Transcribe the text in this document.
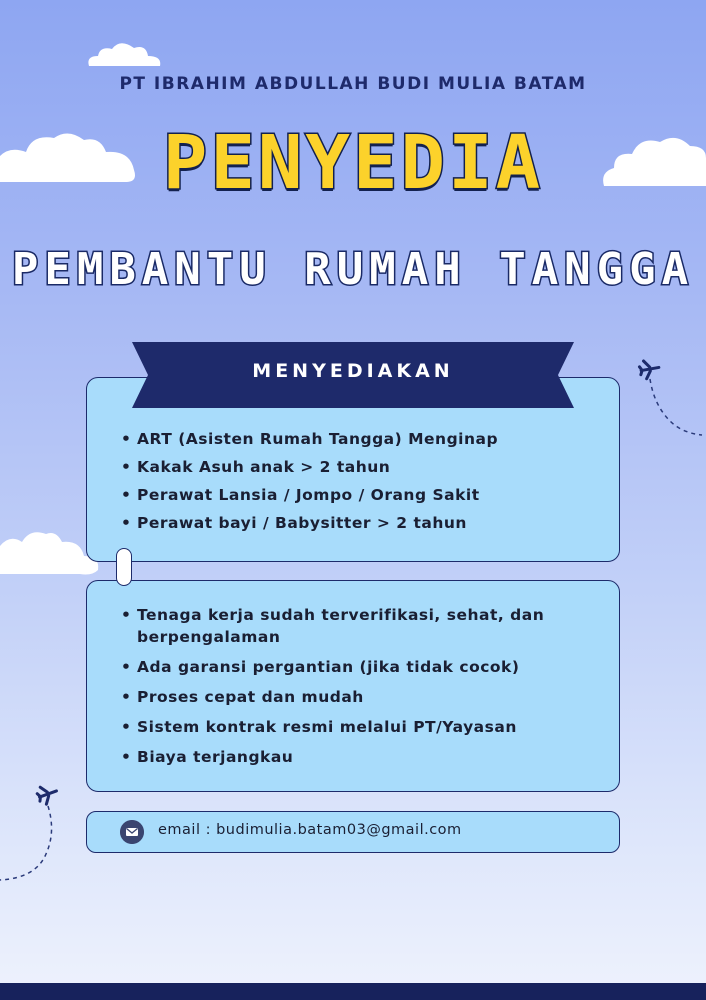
PT IBRAHIM ABDULLAH BUDI MULIA BATAM
PENYEDIA
PEMBANTU RUMAH TANGGA
MENYEDIAKAN
• ART (Asisten Rumah Tangga) Menginap
• Kakak Asuh anak > 2 tahun
• Perawat Lansia / Jompo / Orang Sakit
• Perawat bayi / Babysitter > 2 tahun
• Tenaga kerja sudah terverifikasi, sehat, dan berpengalaman
• Ada garansi pergantian (jika tidak cocok)
• Proses cepat dan mudah
• Sistem kontrak resmi melalui PT/Yayasan
• Biaya terjangkau
email : budimulia.batam03@gmail.com
